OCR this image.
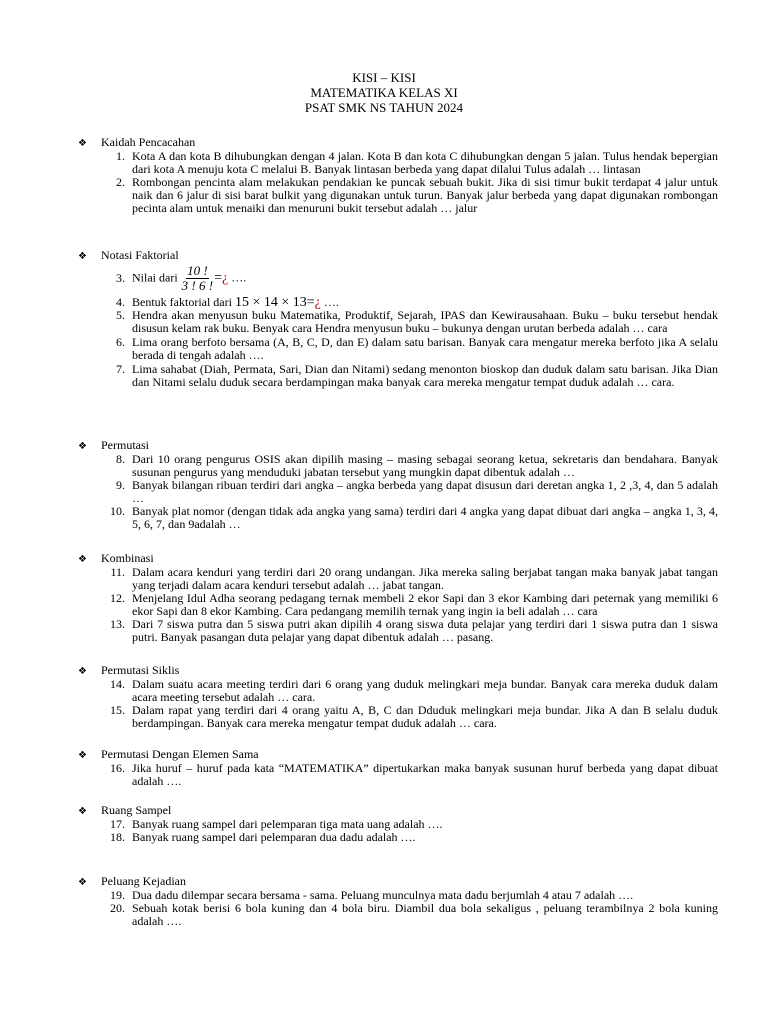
KISI – KISI
MATEMATIKA KELAS XI
PSAT SMK NS TAHUN 2024
❖	Kaidah Pencacahan
1. Kota A dan kota B dihubungkan dengan 4 jalan. Kota B dan kota C dihubungkan dengan 5 jalan. Tulus hendak bepergian dari kota A menuju kota C melalui B. Banyak lintasan berbeda yang dapat dilalui Tulus adalah … lintasan
2. Rombongan pencinta alam melakukan pendakian ke puncak sebuah bukit. Jika di sisi timur bukit terdapat 4 jalur untuk naik dan 6 jalur di sisi barat bulkit yang digunakan untuk turun. Banyak jalur berbeda yang dapat digunakan rombongan pecinta alam untuk menaiki dan menuruni bukit tersebut adalah … jalur
❖	Notasi Faktorial
3. Nilai dari $\frac{10 !}{3 ! 6 !}$ =¿ ….
4. Bentuk faktorial dari 15 × 14 × 13=¿ ….
5. Hendra akan menyusun buku Matematika, Produktif, Sejarah, IPAS dan Kewirausahaan. Buku – buku tersebut hendak disusun kelam rak buku. Benyak cara Hendra menyusun buku – bukunya dengan urutan berbeda adalah … cara
6. Lima orang berfoto bersama (A, B, C, D, dan E) dalam satu barisan. Banyak cara mengatur mereka berfoto jika A selalu berada di tengah adalah ….
7. Lima sahabat (Diah, Permata, Sari, Dian dan Nitami) sedang menonton bioskop dan duduk dalam satu barisan. Jika Dian dan Nitami selalu duduk secara berdampingan maka banyak cara mereka mengatur tempat duduk adalah … cara.
❖	Permutasi
8. Dari 10 orang pengurus OSIS akan dipilih masing – masing sebagai seorang ketua, sekretaris dan bendahara. Banyak susunan pengurus yang menduduki jabatan tersebut yang mungkin dapat dibentuk adalah …
9. Banyak bilangan ribuan terdiri dari angka – angka berbeda yang dapat disusun dari deretan angka 1, 2 ,3, 4, dan 5 adalah …
10. Banyak plat nomor (dengan tidak ada angka yang sama) terdiri dari 4 angka yang dapat dibuat dari angka – angka 1, 3, 4, 5, 6, 7, dan 9adalah …
❖	Kombinasi
11. Dalam acara kenduri yang terdiri dari 20 orang undangan. Jika mereka saling berjabat tangan maka banyak jabat tangan yang terjadi dalam acara kenduri tersebut adalah … jabat tangan.
12. Menjelang Idul Adha seorang pedagang ternak membeli 2 ekor Sapi dan 3 ekor Kambing dari peternak yang memiliki 6 ekor Sapi dan 8 ekor Kambing. Cara pedangang memilih ternak yang ingin ia beli adalah … cara
13. Dari 7 siswa putra dan 5 siswa putri akan dipilih 4 orang siswa duta pelajar yang terdiri dari 1 siswa putra dan 1 siswa putri. Banyak pasangan duta pelajar yang dapat dibentuk adalah … pasang.
❖	Permutasi Siklis
14. Dalam suatu acara meeting terdiri dari 6 orang yang duduk melingkari meja bundar. Banyak cara mereka duduk dalam acara meeting tersebut adalah … cara.
15. Dalam rapat yang terdiri dari 4 orang yaitu A, B, C dan Dduduk melingkari meja bundar. Jika A dan B selalu duduk berdampingan. Banyak cara mereka mengatur tempat duduk adalah … cara.
❖	Permutasi Dengan Elemen Sama
16. Jika huruf – huruf pada kata “MATEMATIKA” dipertukarkan maka banyak susunan huruf berbeda yang dapat dibuat adalah ….
❖	Ruang Sampel
17. Banyak ruang sampel dari pelemparan tiga mata uang adalah ….
18. Banyak ruang sampel dari pelemparan dua dadu adalah ….
❖	Peluang Kejadian
19. Dua dadu dilempar secara bersama - sama. Peluang munculnya mata dadu berjumlah 4 atau 7 adalah ….
20. Sebuah kotak berisi 6 bola kuning dan 4 bola biru. Diambil dua bola sekaligus , peluang terambilnya 2 bola kuning adalah ….
